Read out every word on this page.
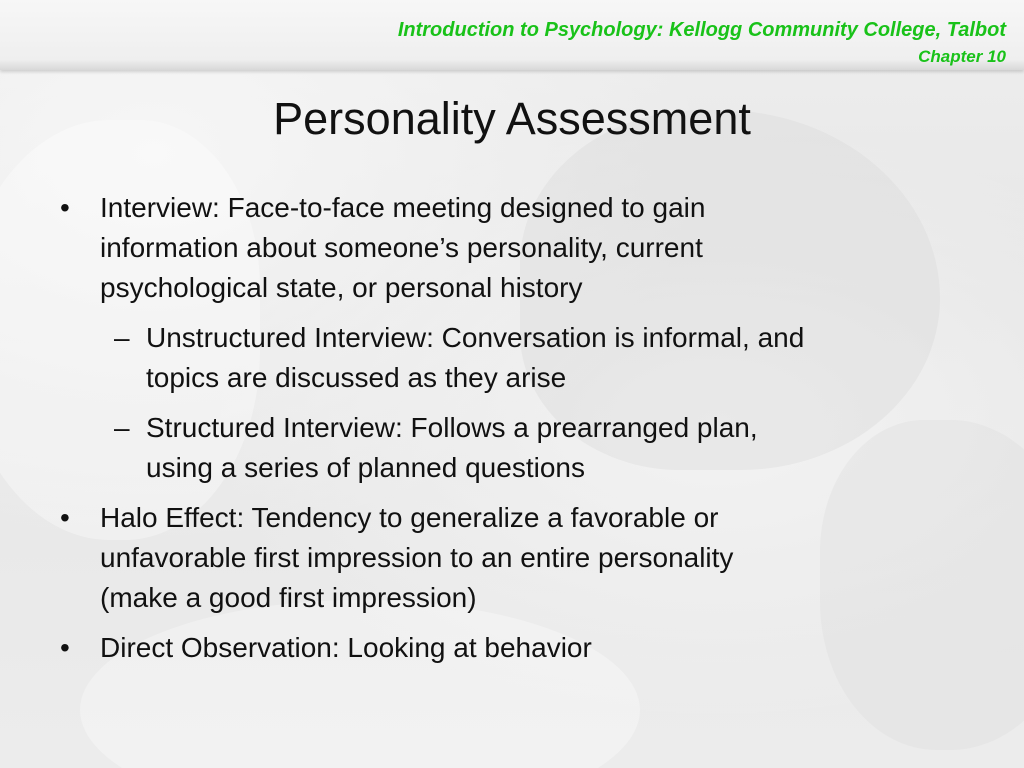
Introduction to Psychology: Kellogg Community College, Talbot
Chapter 10
Personality Assessment
•	Interview: Face-to-face meeting designed to gain
information about someone’s personality, current
psychological state, or personal history
– Unstructured Interview: Conversation is informal, and
topics are discussed as they arise
– Structured Interview: Follows a prearranged plan,
using a series of planned questions
•	Halo Effect: Tendency to generalize a favorable or
unfavorable first impression to an entire personality
(make a good first impression)
•	Direct Observation: Looking at behavior
